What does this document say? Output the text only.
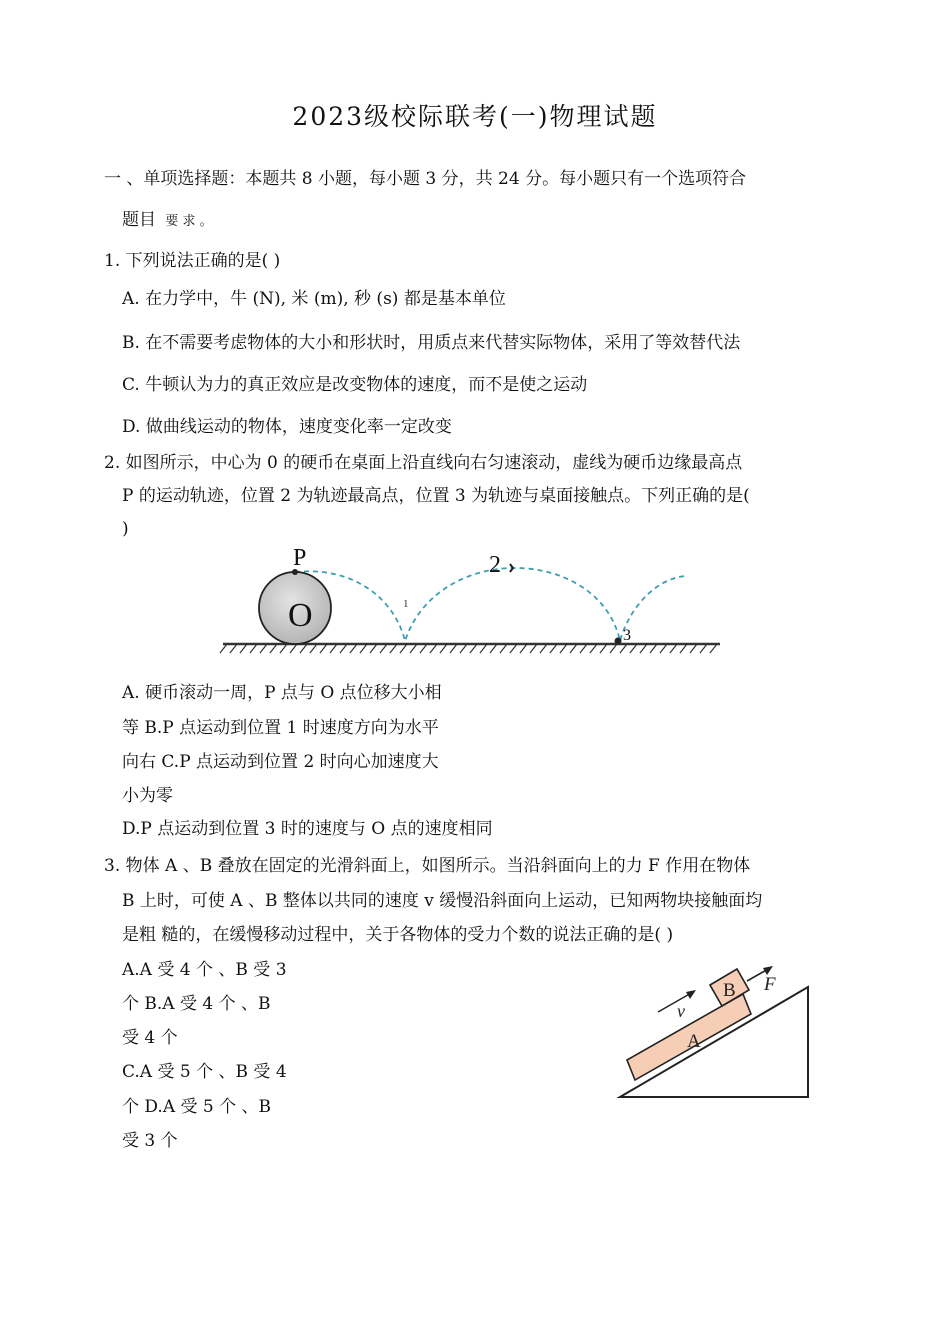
2023级校际联考(一)物理试题
一 、单项选择题：本题共 8 小题，每小题 3 分，共 24 分。每小题只有一个选项符合
题目 要 求 。
1. 下列说法正确的是( )
A. 在力学中，牛 (N), 米 (m), 秒 (s) 都是基本单位
B. 在不需要考虑物体的大小和形状时，用质点来代替实际物体，采用了等效替代法
C. 牛顿认为力的真正效应是改变物体的速度，而不是使之运动
D. 做曲线运动的物体，速度变化率一定改变
2. 如图所示，中心为 0 的硬币在桌面上沿直线向右匀速滚动，虚线为硬币边缘最高点
P 的运动轨迹，位置 2 为轨迹最高点，位置 3 为轨迹与桌面接触点。下列正确的是(
)
P
O	1
2
3
A. 硬币滚动一周，P 点与 O 点位移大小相
等 B.P 点运动到位置 1 时速度方向为水平
向右 C.P 点运动到位置 2 时向心加速度大
小为零
D.P 点运动到位置 3 时的速度与 O 点的速度相同
3. 物体 A 、B 叠放在固定的光滑斜面上，如图所示。当沿斜面向上的力 F 作用在物体
B 上时，可使 A 、B 整体以共同的速度 v 缓慢沿斜面向上运动，已知两物块接触面均
是粗 糙的，在缓慢移动过程中，关于各物体的受力个数的说法正确的是( )
A.A 受 4 个 、B 受 3
个 B.A 受 4 个 、B
受 4 个
C.A 受 5 个 、B 受 4
个 D.A 受 5 个 、B
受 3 个
A
B F
v
